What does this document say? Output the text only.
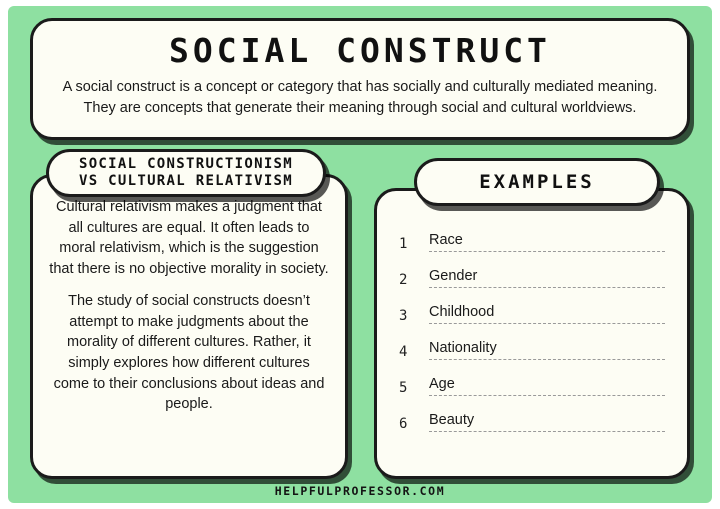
SOCIAL CONSTRUCT
A social construct is a concept or category that has socially and culturally mediated meaning. They are concepts that generate their meaning through social and cultural worldviews.
Cultural relativism makes a judgment that all cultures are equal. It often leads to moral relativism, which is the suggestion that there is no objective morality in society.
The study of social constructs doesn’t attempt to make judgments about the morality of different cultures. Rather, it simply explores how different cultures come to their conclusions about ideas and people.
SOCIAL CONSTRUCTIONISM
VS CULTURAL RELATIVISM
1	Race
2	Gender
3	Childhood
4	Nationality
5	Age
6	Beauty
EXAMPLES
HELPFULPROFESSOR.COM
